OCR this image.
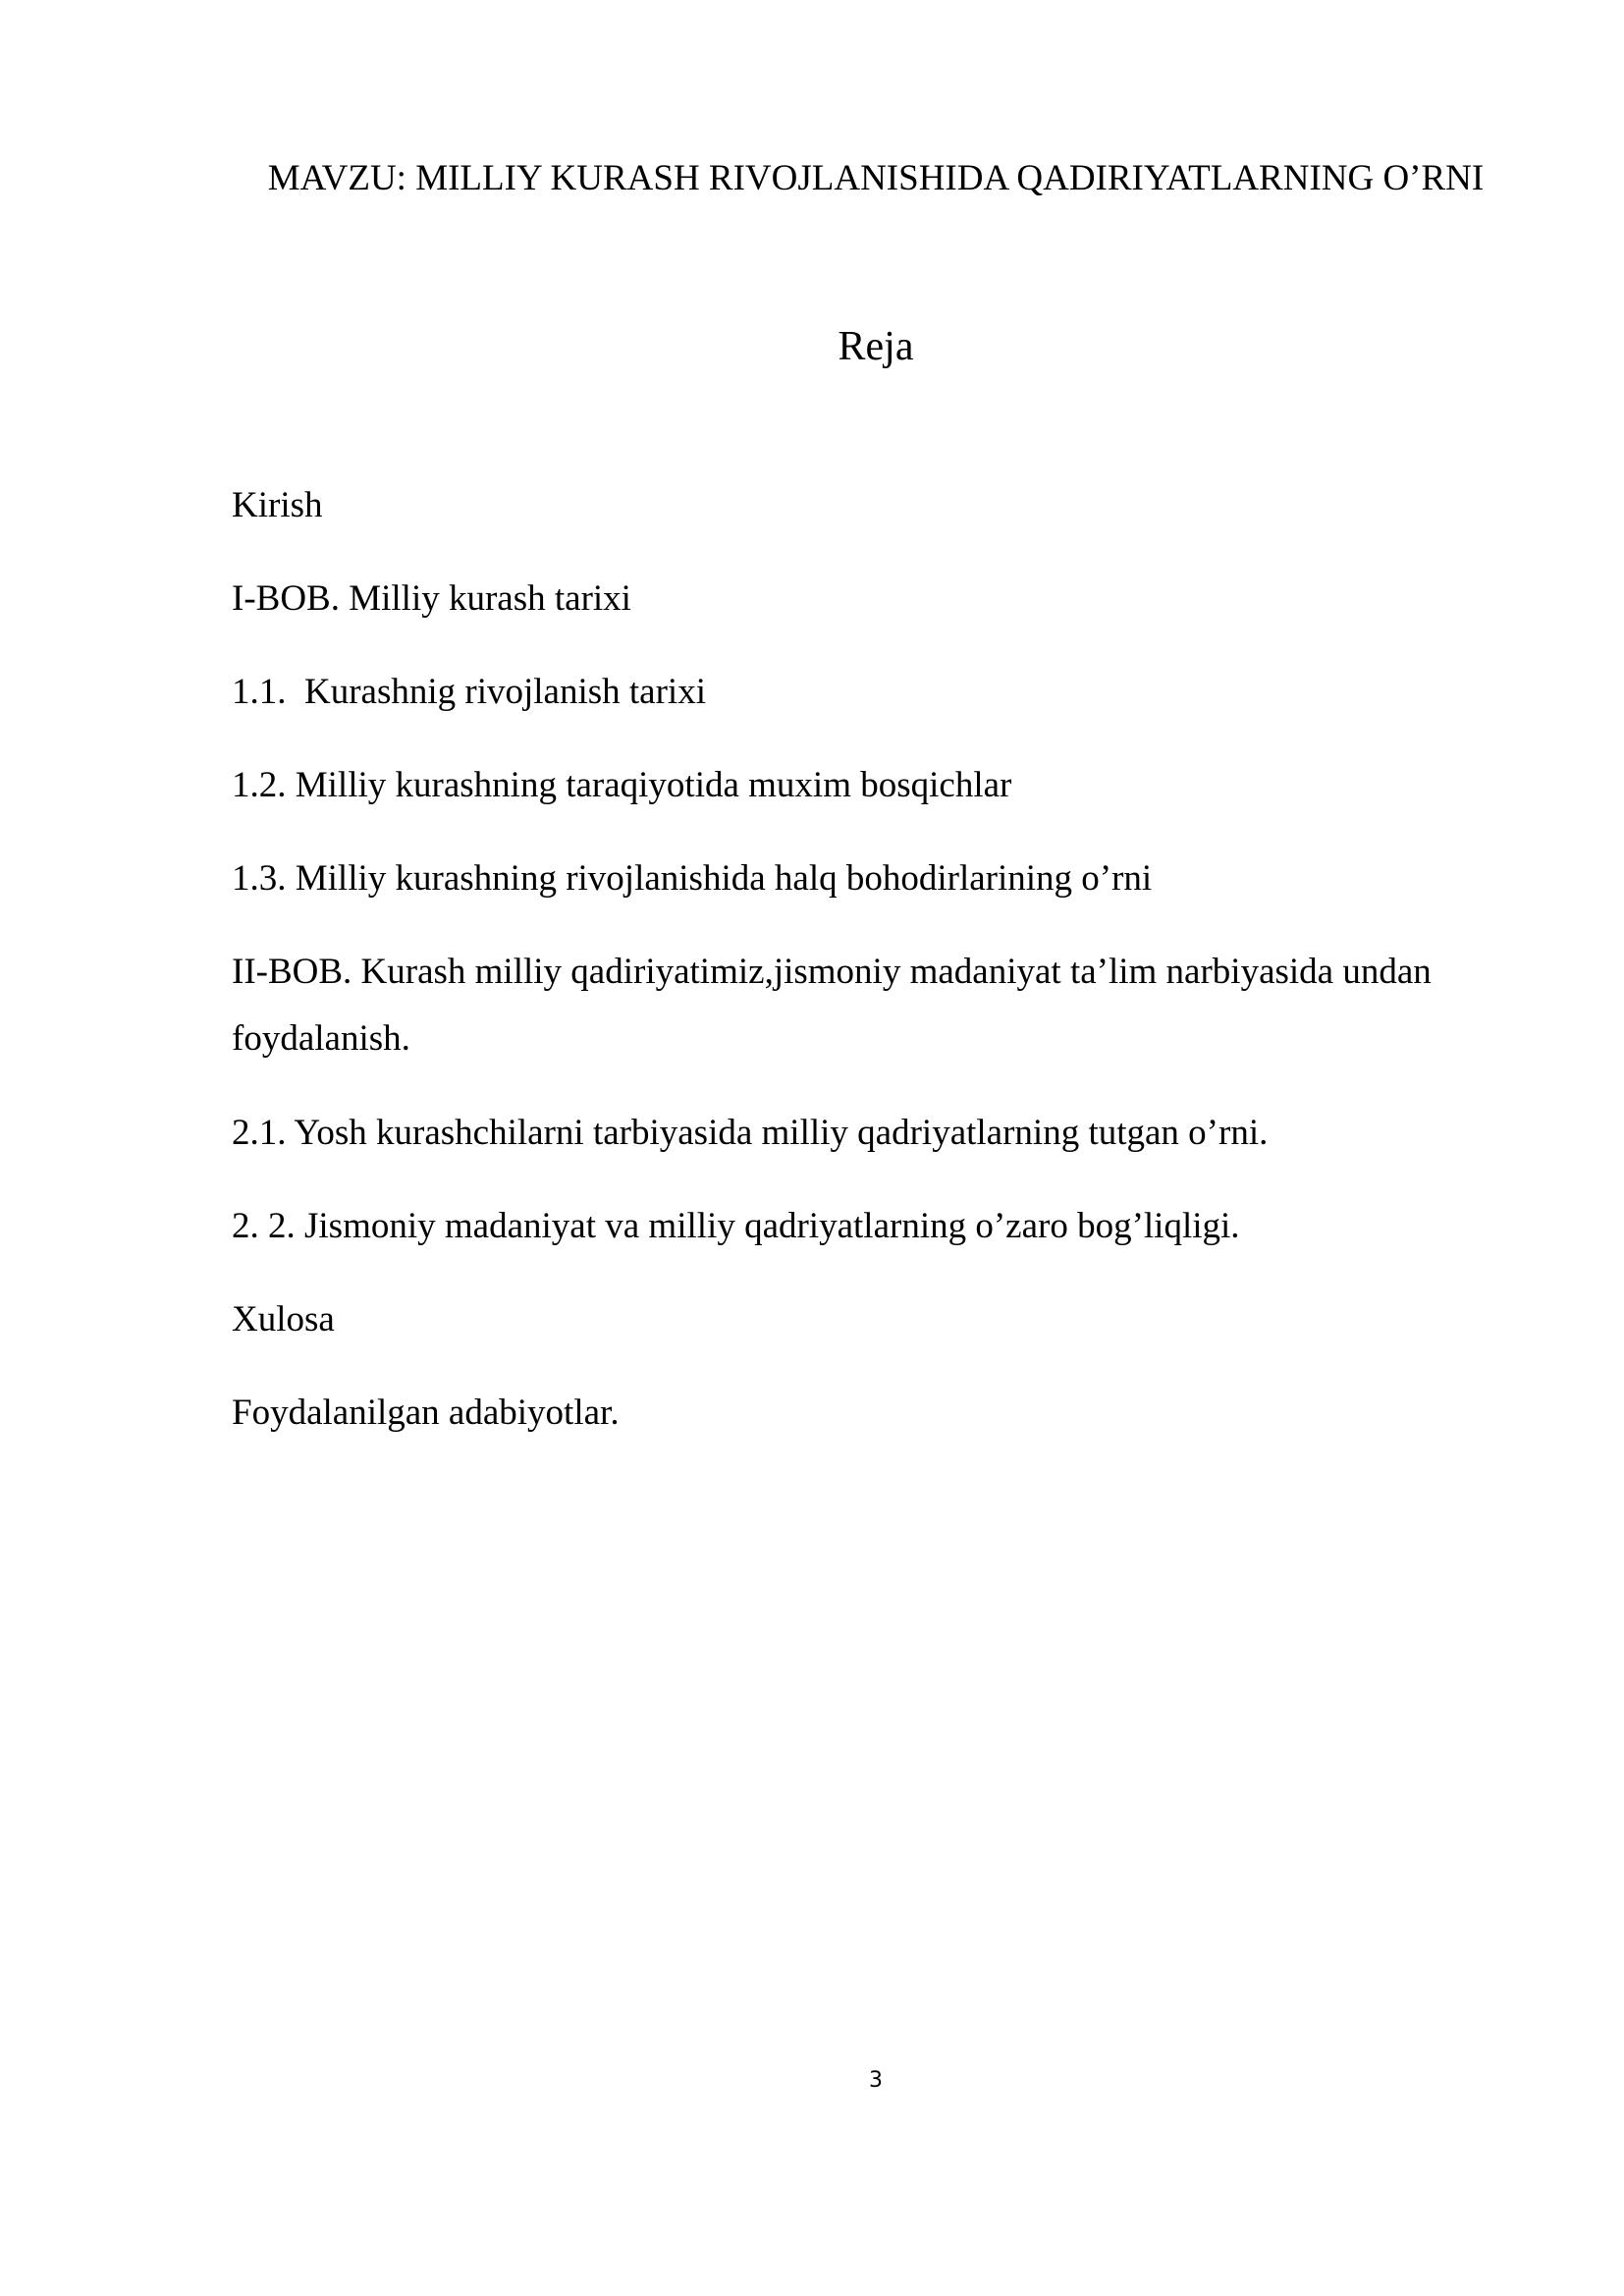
MAVZU: MILLIY KURASH RIVOJLANISHIDA QADIRIYATLARNING O’RNI
Reja
Kirish
I-BOB. Milliy kurash tarixi
1.1.  Kurashnig rivojlanish tarixi
1.2. Milliy kurashning taraqiyotida muxim bosqichlar
1.3. Milliy kurashning rivojlanishida halq bohodirlarining o’rni
II-BOB. Kurash milliy qadiriyatimiz,jismoniy madaniyat ta’lim narbiyasida undan foydalanish.
2.1. Yosh kurashchilarni tarbiyasida milliy qadriyatlarning tutgan o’rni.
2. 2. Jismoniy madaniyat va milliy qadriyatlarning o’zaro bog’liqligi.
Xulosa
Foydalanilgan adabiyotlar.
3
